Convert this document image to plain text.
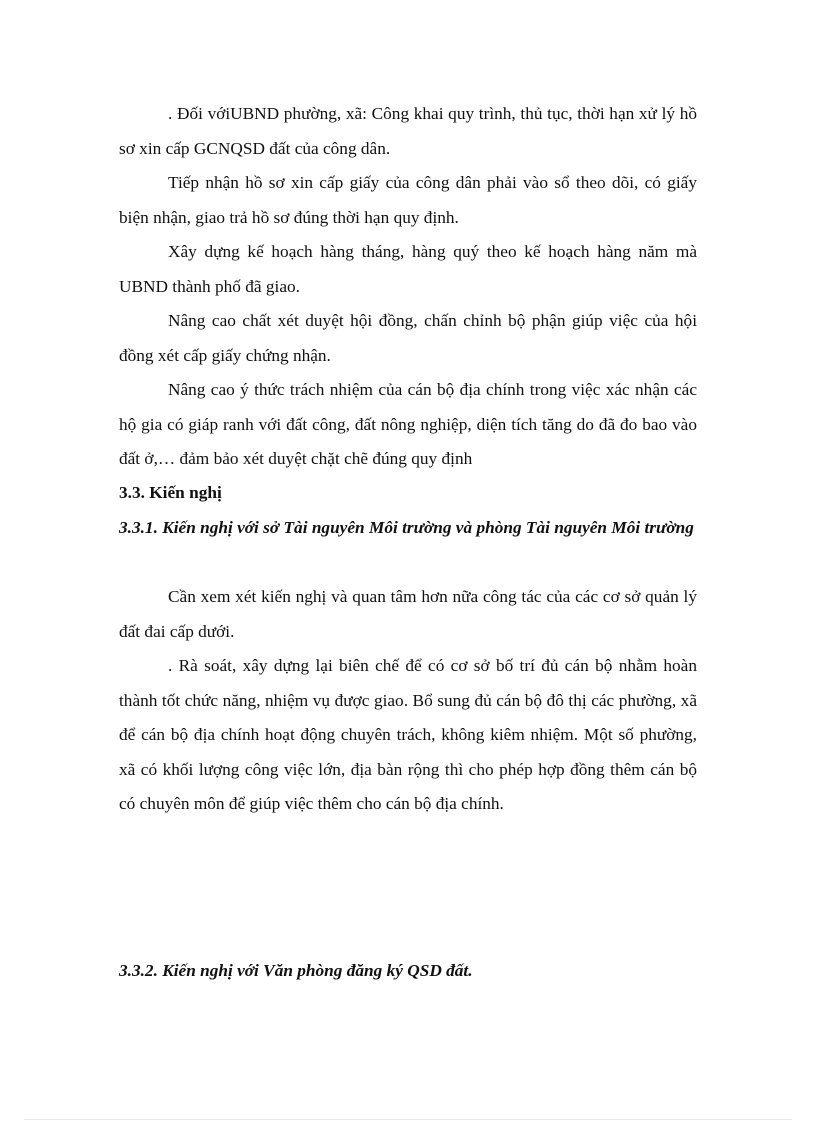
. Đối vớiUBND phường, xã: Công khai quy trình, thủ tục, thời hạn xử lý hồ sơ xin cấp GCNQSD đất của công dân.

Tiếp nhận hồ sơ xin cấp giấy của công dân phải vào sổ theo dõi, có giấy biện nhận, giao trả hồ sơ đúng thời hạn quy định.

Xây dựng kế hoạch hàng tháng, hàng quý theo kế hoạch hàng năm mà UBND thành phố đã giao.

Nâng cao chất xét duyệt hội đồng, chấn chỉnh bộ phận giúp việc của hội đồng xét cấp giấy chứng nhận.

Nâng cao ý thức trách nhiệm của cán bộ địa chính trong việc xác nhận các hộ gia có giáp ranh với đất công, đất nông nghiệp, diện tích tăng do đã đo bao vào đất ở,… đảm bảo xét duyệt chặt chẽ đúng quy định

3.3. Kiến nghị
3.3.1. Kiến nghị với sở Tài nguyên Môi trường và phòng Tài nguyên Môi trường

Cần xem xét kiến nghị và quan tâm hơn nữa công tác của các cơ sở quản lý đất đai cấp dưới.

. Rà soát, xây dựng lại biên chế để có cơ sở bố trí đủ cán bộ nhằm hoàn thành tốt chức năng, nhiệm vụ được giao. Bổ sung đủ cán bộ đô thị các phường, xã để cán bộ địa chính hoạt động chuyên trách, không kiêm nhiệm. Một số phường, xã có khối lượng công việc lớn, địa bàn rộng thì cho phép hợp đồng thêm cán bộ có chuyên môn để giúp việc thêm cho cán bộ địa chính.

3.3.2. Kiến nghị với Văn phòng đăng ký QSD đất.
